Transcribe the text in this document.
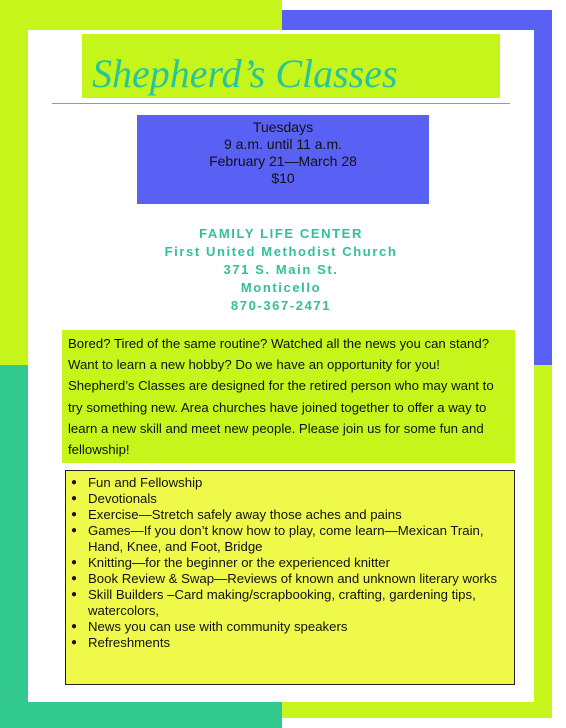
Shepherd’s Classes
Tuesdays
9 a.m. until 11 a.m.
February 21—March 28
$10
FAMILY LIFE CENTER
First United Methodist Church
371 S. Main St.
Monticello
870-367-2471
Bored? Tired of the same routine? Watched all the news you can stand? Want to learn a new hobby? Do we have an opportunity for you! Shepherd’s Classes are designed for the retired person who may want to try something new. Area churches have joined together to offer a way to learn a new skill and meet new people. Please join us for some fun and fellowship!
● Fun and Fellowship
● Devotionals
● Exercise—Stretch safely away those aches and pains
● Games—If you don’t know how to play, come learn—Mexican Train, Hand, Knee, and Foot, Bridge
● Knitting—for the beginner or the experienced knitter
● Book Review & Swap—Reviews of known and unknown literary works
● Skill Builders –Card making/scrapbooking, crafting, gardening tips, watercolors,
● News you can use with community speakers
● Refreshments
